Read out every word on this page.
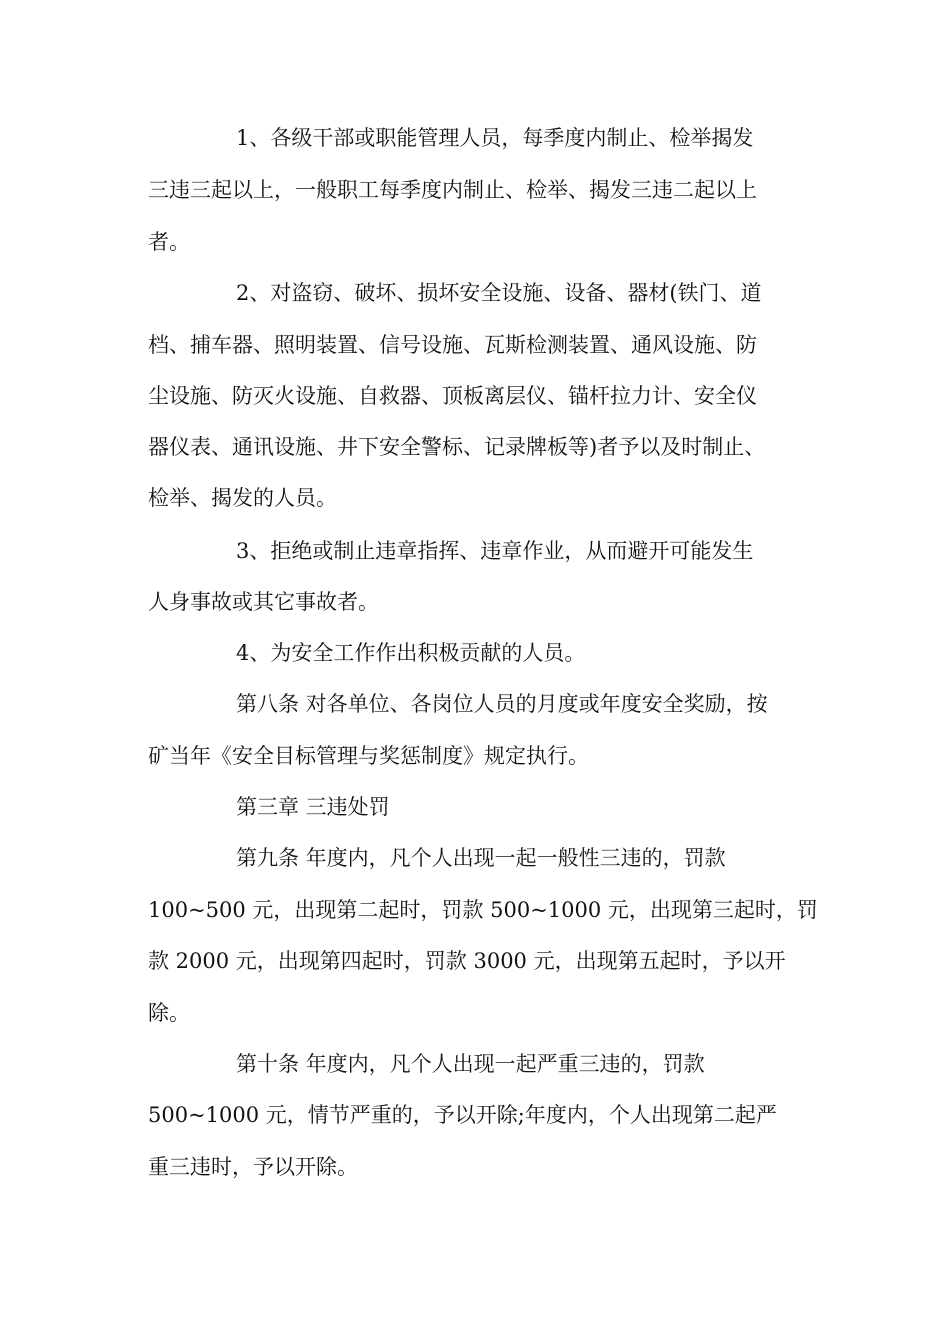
1、各级干部或职能管理人员，每季度内制止、检举揭发
三违三起以上，一般职工每季度内制止、检举、揭发三违二起以上
者。
2、对盗窃、破坏、损坏安全设施、设备、器材(铁门、道
档、捕车器、照明装置、信号设施、瓦斯检测装置、通风设施、防
尘设施、防灭火设施、自救器、顶板离层仪、锚杆拉力计、安全仪
器仪表、通讯设施、井下安全警标、记录牌板等)者予以及时制止、
检举、揭发的人员。
3、拒绝或制止违章指挥、违章作业，从而避开可能发生
人身事故或其它事故者。
4、为安全工作作出积极贡献的人员。
第八条 对各单位、各岗位人员的月度或年度安全奖励，按
矿当年《安全目标管理与奖惩制度》规定执行。
第三章 三违处罚
第九条 年度内，凡个人出现一起一般性三违的，罚款
100~500 元，出现第二起时，罚款 500~1000 元，出现第三起时，罚
款 2000 元，出现第四起时，罚款 3000 元，出现第五起时，予以开
除。
第十条 年度内，凡个人出现一起严重三违的，罚款
500~1000 元，情节严重的，予以开除;年度内，个人出现第二起严
重三违时，予以开除。
